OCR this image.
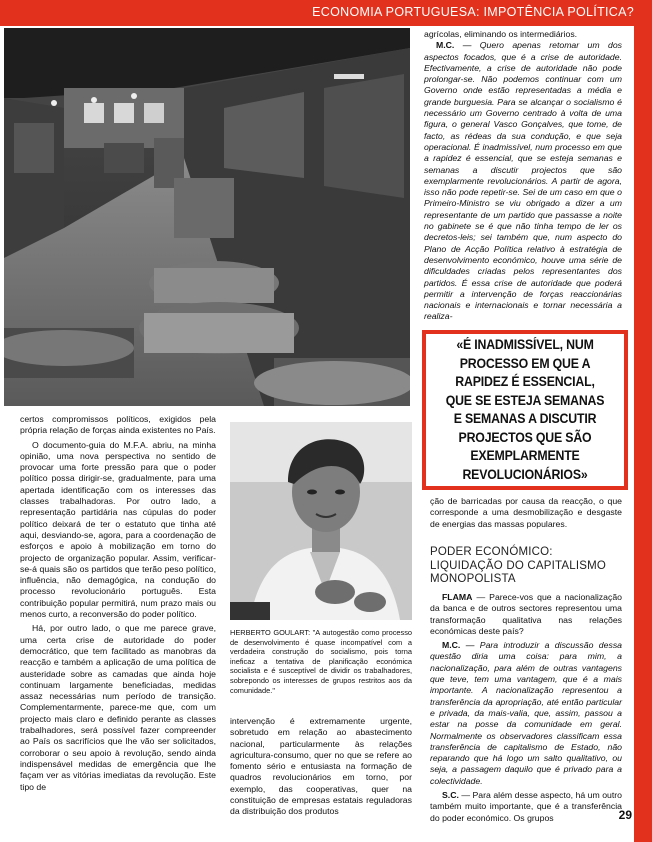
ECONOMIA PORTUGUESA: IMPOTÊNCIA POLÍTICA?

agrícolas, eliminando os intermediários.

M.C. — Quero apenas retomar um dos aspectos focados, que é a crise de autoridade. Efectivamente, a crise de autoridade não pode prolongar-se. Não podemos continuar com um Governo onde estão representadas a média e grande burguesia. Para se alcançar o socialismo é necessário um Governo centrado à volta de uma figura, o general Vasco Gonçalves, que tome, de facto, as rédeas da sua condução, e que seja operacional. É inadmissível, num processo em que a rapidez é essencial, que se esteja semanas e semanas a discutir projectos que são exemplarmente revolucionários. A partir de agora, isso não pode repetir-se. Sei de um caso em que o Primeiro-Ministro se viu obrigado a dizer a um representante de um partido que passasse a noite no gabinete se é que não tinha tempo de ler os decretos-leis; sei também que, num aspecto do Plano de Acção Política relativo à estratégia de desenvolvimento económico, houve uma série de dificuldades criadas pelos representantes dos partidos. É essa crise de autoridade que poderá permitir a intervenção de forças reaccionárias nacionais e internacionais e tornar necessária a realiza-

«É INADMISSÍVEL, NUM PROCESSO EM QUE A RAPIDEZ É ESSENCIAL, QUE SE ESTEJA SEMANAS E SEMANAS A DISCUTIR PROJECTOS QUE SÃO EXEMPLARMENTE REVOLUCIONÁRIOS»

certos compromissos políticos, exigidos pela própria relação de forças ainda existentes no País.

O documento-guia do M.F.A. abriu, na minha opinião, uma nova perspectiva no sentido de provocar uma forte pressão para que o poder político possa dirigir-se, gradualmente, para uma apertada identificação com os interesses das classes trabalhadoras. Por outro lado, a representação partidária nas cúpulas do poder político deixará de ter o estatuto que tinha até aqui, desviando-se, agora, para a coordenação de esforços e apoio à mobilização em torno do projecto de organização popular. Assim, verificar-se-á quais são os partidos que terão peso político, influência, não demagógica, na condução do processo revolucionário português. Esta contribuição popular permitirá, num prazo mais ou menos curto, a reconversão do poder político.

Há, por outro lado, o que me parece grave, uma certa crise de autoridade do poder democrático, que tem facilitado as manobras da reacção e também a aplicação de uma política de austeridade sobre as camadas que ainda hoje continuam largamente beneficiadas, medidas assaz necessárias num período de transição. Complementarmente, parece-me que, com um projecto mais claro e definido perante as classes trabalhadores, será possível fazer compreender ao País os sacrifícios que lhe vão ser solicitados, corroborar o seu apoio à revolução, sendo ainda indispensável medidas de emergência que lhe façam ver as vitórias imediatas da revolução. Este tipo de

HERBERTO GOULART: "A autogestão como processo de desenvolvimento é quase incompatível com a verdadeira construção do socialismo, pois torna ineficaz a tentativa de planificação económica socialista e é susceptível de dividir os trabalhadores, sobrepondo os interesses de grupos restritos aos da comunidade."

intervenção é extremamente urgente, sobretudo em relação ao abastecimento nacional, particularmente às relações agricultura-consumo, quer no que se refere ao fomento sério e entusiasta na formação de quadros revolucionários em torno, por exemplo, das cooperativas, quer na constituição de empresas estatais reguladoras da distribuição dos produtos

ção de barricadas por causa da reacção, o que corresponde a uma desmobilização e desgaste de energias das massas populares.

PODER ECONÓMICO: LIQUIDAÇÃO DO CAPITALISMO MONOPOLISTA

FLAMA — Parece-vos que a nacionalização da banca e de outros sectores representou uma transformação qualitativa nas relações económicas deste país?

M.C. — Para introduzir a discussão dessa questão diria uma coisa: para mim, a nacionalização, para além de outras vantagens que teve, tem uma vantagem, que é a mais importante. A nacionalização representou a transferência da apropriação, até então particular e privada, da mais-valia, que, assim, passou a estar na posse da comunidade em geral. Normalmente os observadores classificam essa transferência de capitalismo de Estado, não reparando que há logo um salto qualitativo, ou seja, a passagem daquilo que é privado para a colectividade.

S.C. — Para além desse aspecto, há um outro também muito importante, que é a transferência do poder económico. Os grupos	29
